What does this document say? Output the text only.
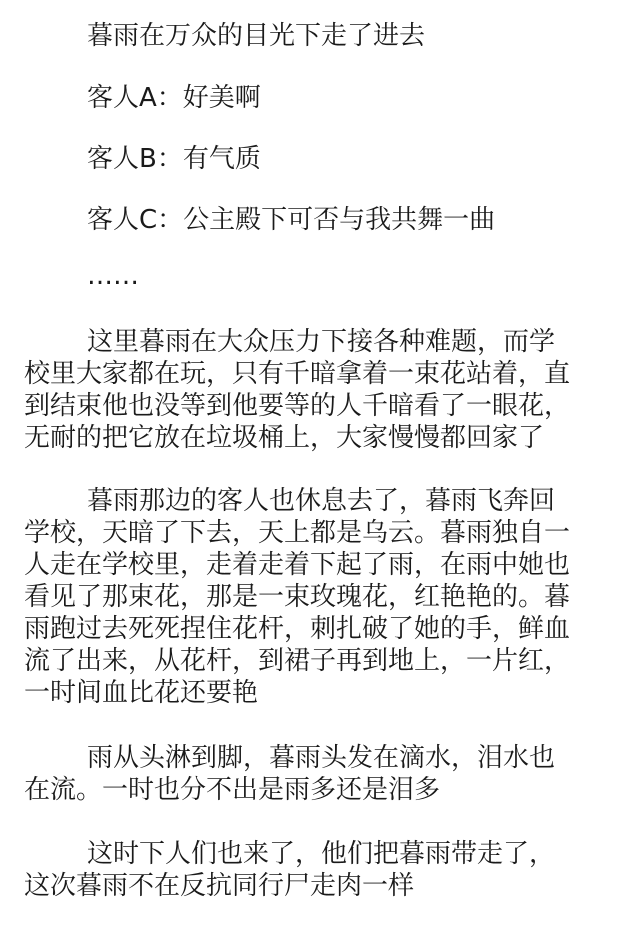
暮雨在万众的目光下走了进去

客人A：好美啊

客人B：有气质

客人C：公主殿下可否与我共舞一曲

……

这里暮雨在大众压力下接各种难题，而学
校里大家都在玩，只有千暗拿着一束花站着，直
到结束他也没等到他要等的人千暗看了一眼花，
无耐的把它放在垃圾桶上，大家慢慢都回家了
暮雨那边的客人也休息去了，暮雨飞奔回
学校，天暗了下去，天上都是乌云。暮雨独自一
人走在学校里，走着走着下起了雨，在雨中她也
看见了那束花，那是一束玫瑰花，红艳艳的。暮
雨跑过去死死捏住花杆，刺扎破了她的手，鲜血
流了出来，从花杆，到裙子再到地上，一片红，
一时间血比花还要艳
雨从头淋到脚，暮雨头发在滴水，泪水也
在流。一时也分不出是雨多还是泪多
这时下人们也来了，他们把暮雨带走了，
这次暮雨不在反抗同行尸走肉一样
